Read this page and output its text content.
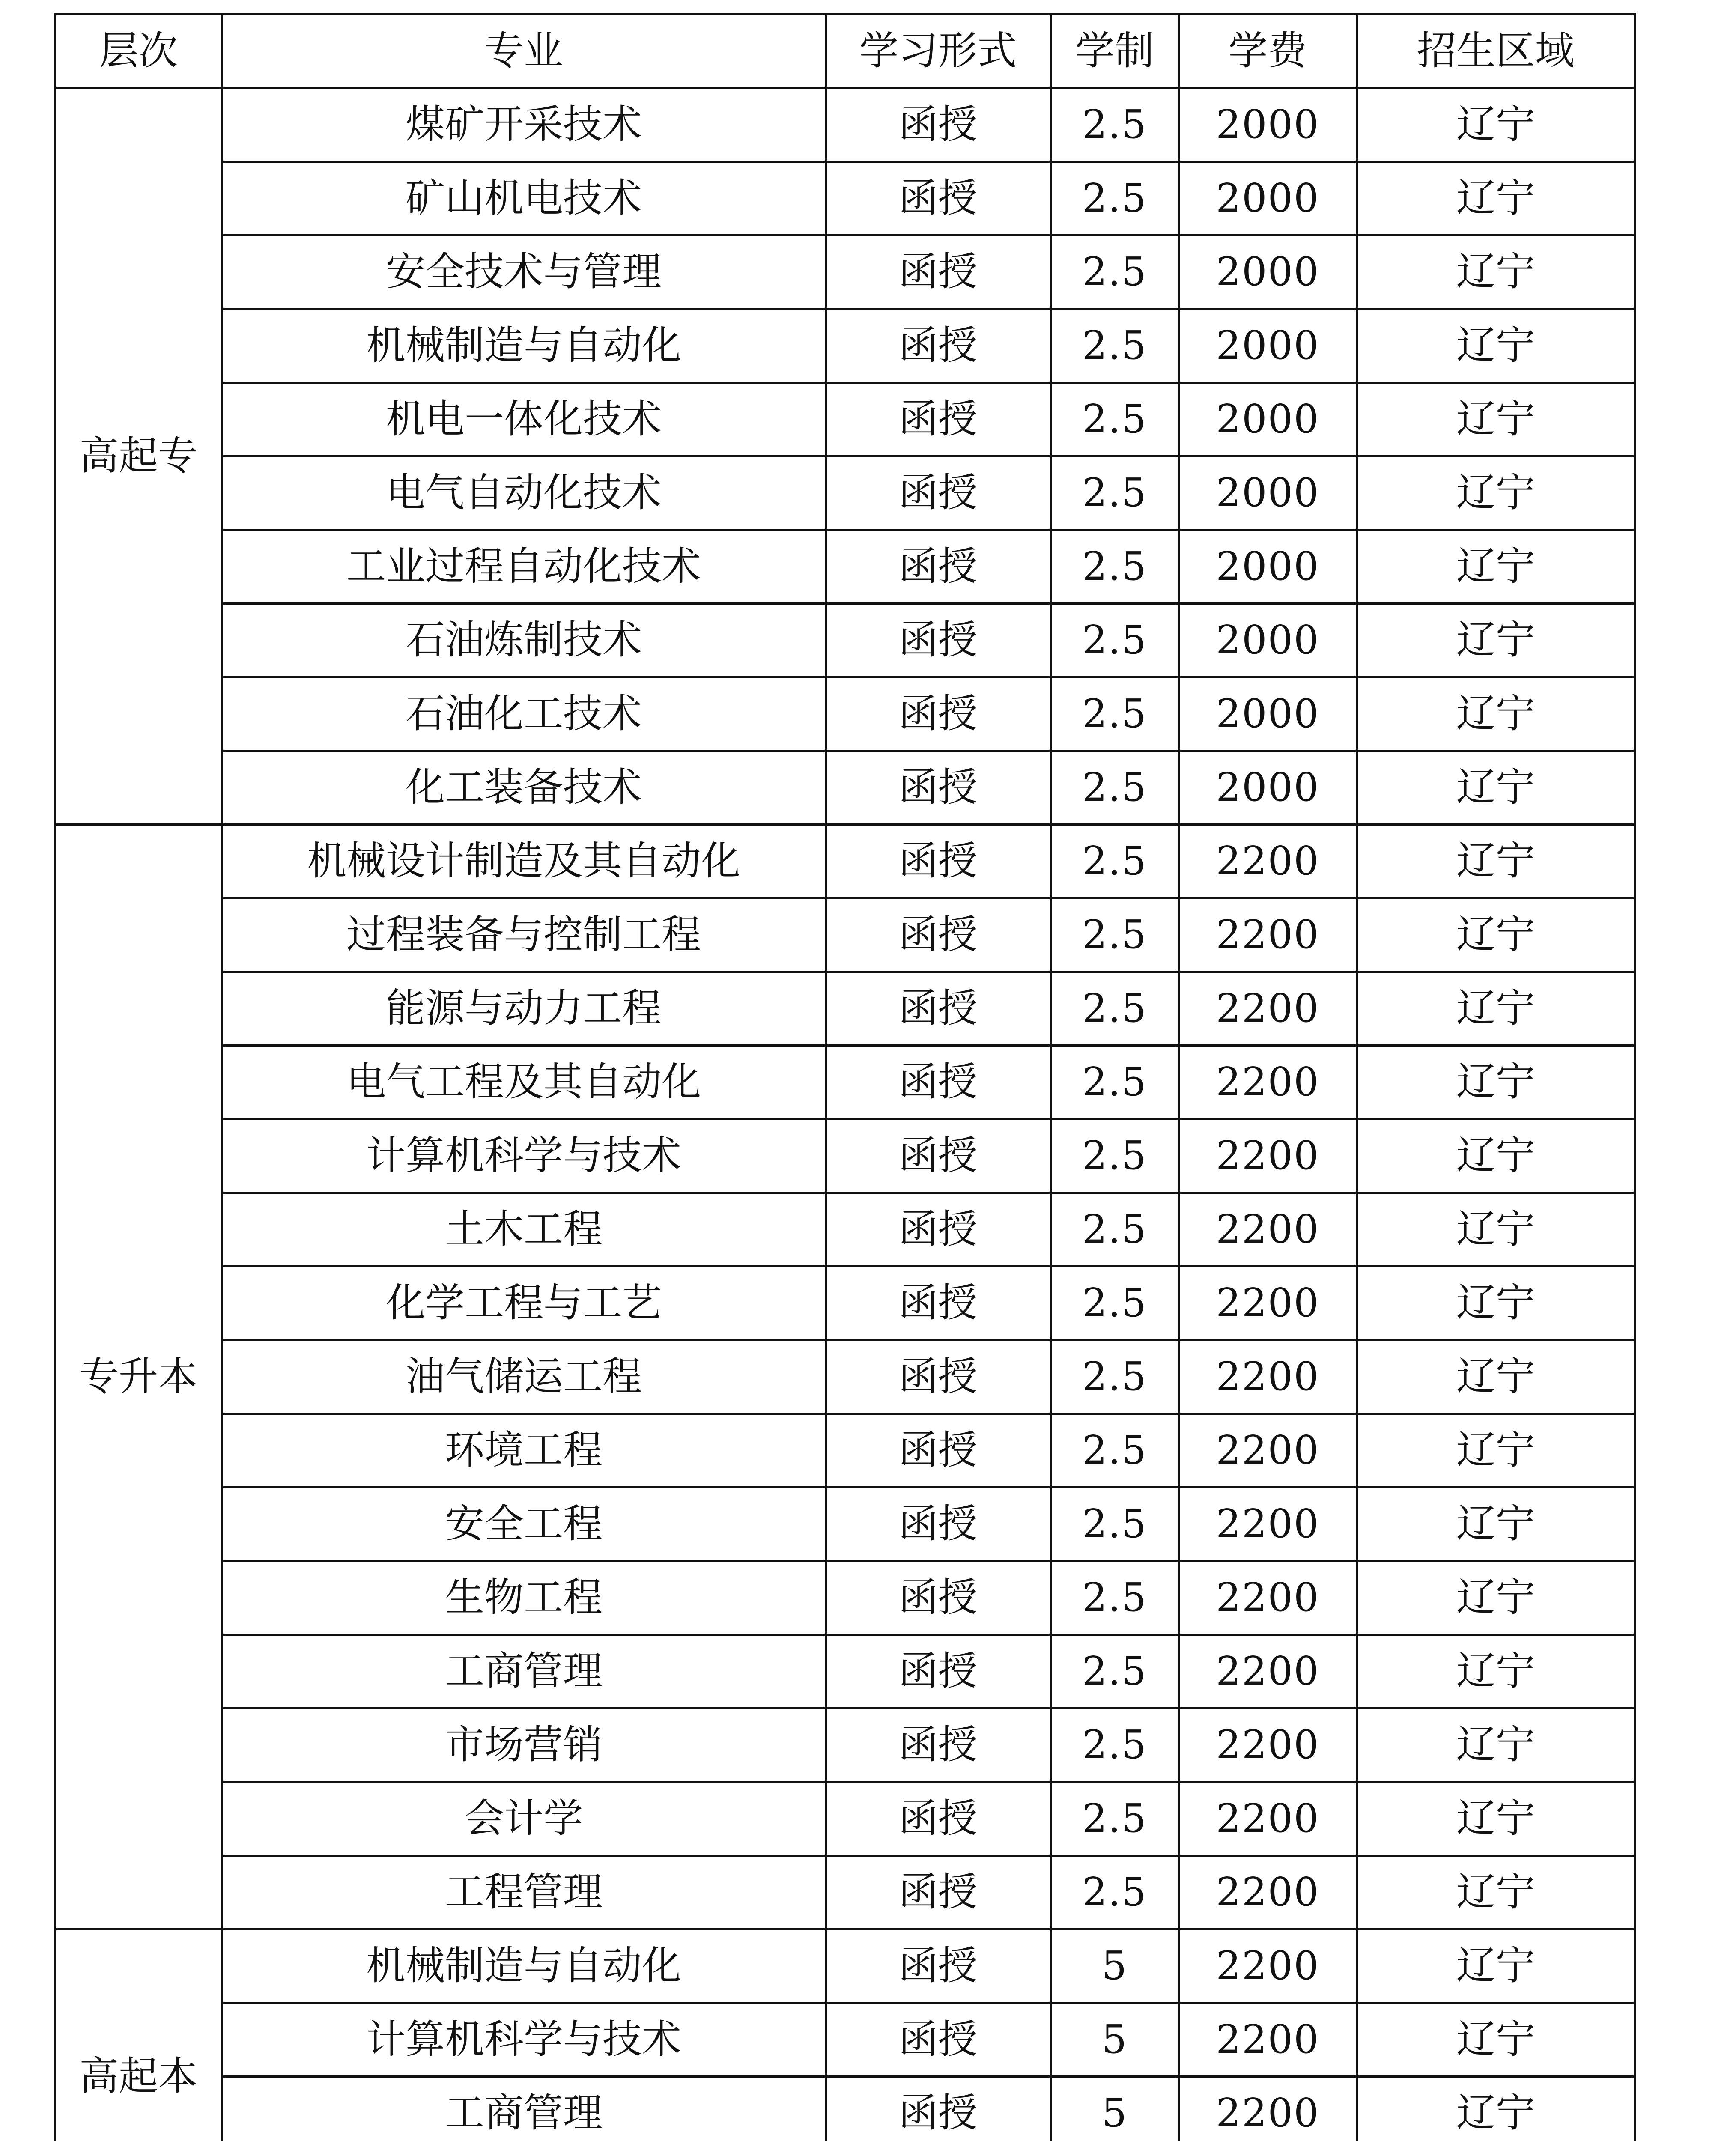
层次	专业	学习形式	学制	学费	招生区域
高起专	煤矿开采技术	函授	2.5	2000	辽宁
	矿山机电技术	函授	2.5	2000	辽宁
	安全技术与管理	函授	2.5	2000	辽宁
	机械制造与自动化	函授	2.5	2000	辽宁
	机电一体化技术	函授	2.5	2000	辽宁
	电气自动化技术	函授	2.5	2000	辽宁
	工业过程自动化技术	函授	2.5	2000	辽宁
	石油炼制技术	函授	2.5	2000	辽宁
	石油化工技术	函授	2.5	2000	辽宁
	化工装备技术	函授	2.5	2000	辽宁
专升本	机械设计制造及其自动化	函授	2.5	2200	辽宁
	过程装备与控制工程	函授	2.5	2200	辽宁
	能源与动力工程	函授	2.5	2200	辽宁
	电气工程及其自动化	函授	2.5	2200	辽宁
	计算机科学与技术	函授	2.5	2200	辽宁
	土木工程	函授	2.5	2200	辽宁
	化学工程与工艺	函授	2.5	2200	辽宁
	油气储运工程	函授	2.5	2200	辽宁
	环境工程	函授	2.5	2200	辽宁
	安全工程	函授	2.5	2200	辽宁
	生物工程	函授	2.5	2200	辽宁
	工商管理	函授	2.5	2200	辽宁
	市场营销	函授	2.5	2200	辽宁
	会计学	函授	2.5	2200	辽宁
	工程管理	函授	2.5	2200	辽宁
高起本	机械制造与自动化	函授	5	2200	辽宁
	计算机科学与技术	函授	5	2200	辽宁
	工商管理	函授	5	2200	辽宁
